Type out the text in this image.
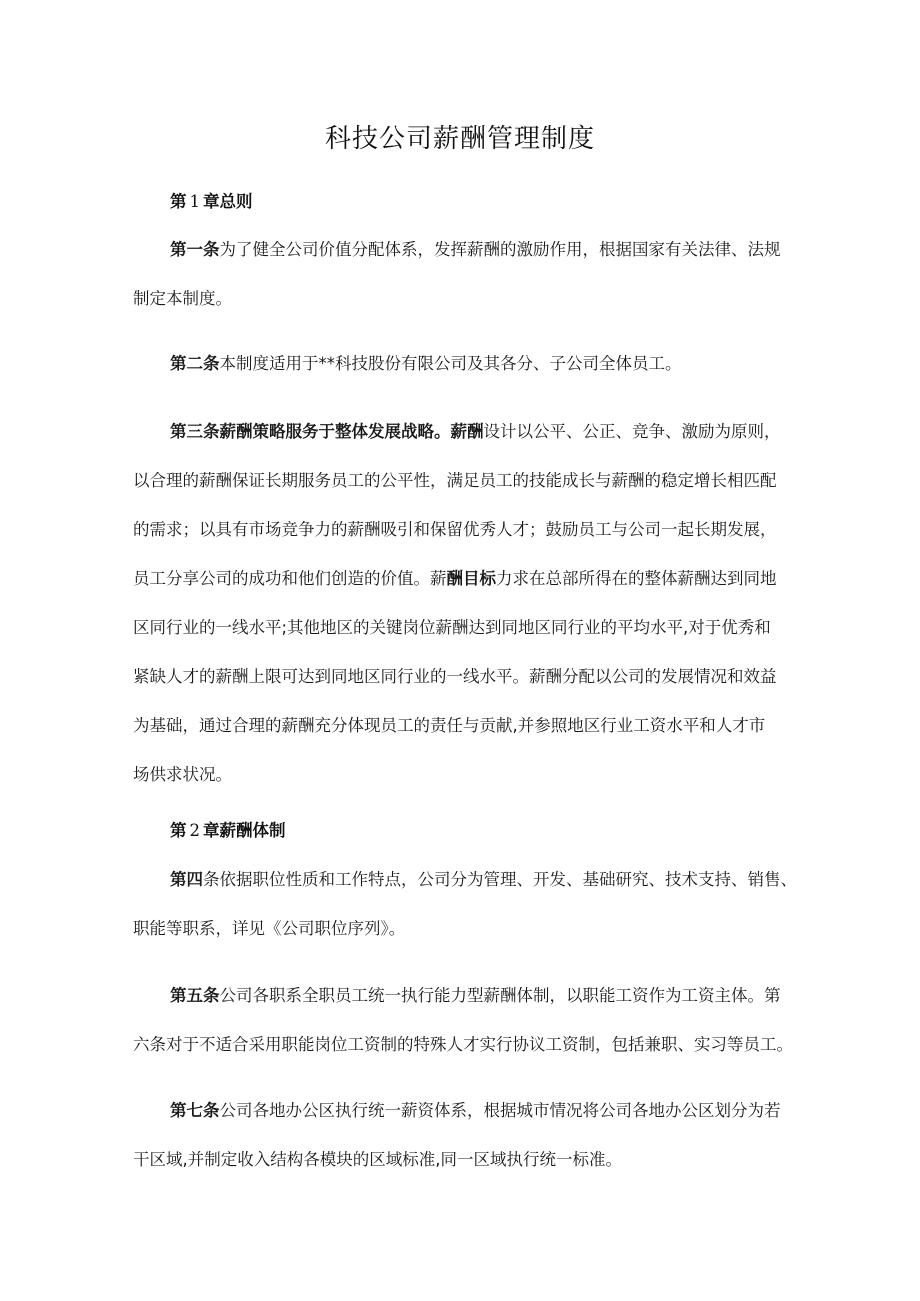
科技公司薪酬管理制度
第 1 章总则
第一条为了健全公司价值分配体系，发挥薪酬的激励作用，根据国家有关法律、法规
制定本制度。
第二条本制度适用于**科技股份有限公司及其各分、子公司全体员工。
第三条薪酬策略服务于整体发展战略。薪酬设计以公平、公正、竞争、激励为原则，
以合理的薪酬保证长期服务员工的公平性，满足员工的技能成长与薪酬的稳定增长相匹配
的需求；以具有市场竞争力的薪酬吸引和保留优秀人才；鼓励员工与公司一起长期发展，
员工分享公司的成功和他们创造的价值。薪酬目标力求在总部所得在的整体薪酬达到同地
区同行业的一线水平;其他地区的关键岗位薪酬达到同地区同行业的平均水平,对于优秀和
紧缺人才的薪酬上限可达到同地区同行业的一线水平。薪酬分配以公司的发展情况和效益
为基础，通过合理的薪酬充分体现员工的责任与贡献,并参照地区行业工资水平和人才市
场供求状况。
第 2 章薪酬体制
第四条依据职位性质和工作特点，公司分为管理、开发、基础研究、技术支持、销售、
职能等职系，详见《公司职位序列》。
第五条公司各职系全职员工统一执行能力型薪酬体制，以职能工资作为工资主体。第
六条对于不适合采用职能岗位工资制的特殊人才实行协议工资制，包括兼职、实习等员工。
第七条公司各地办公区执行统一薪资体系，根据城市情况将公司各地办公区划分为若
干区域,并制定收入结构各模块的区域标准,同一区域执行统一标准。
